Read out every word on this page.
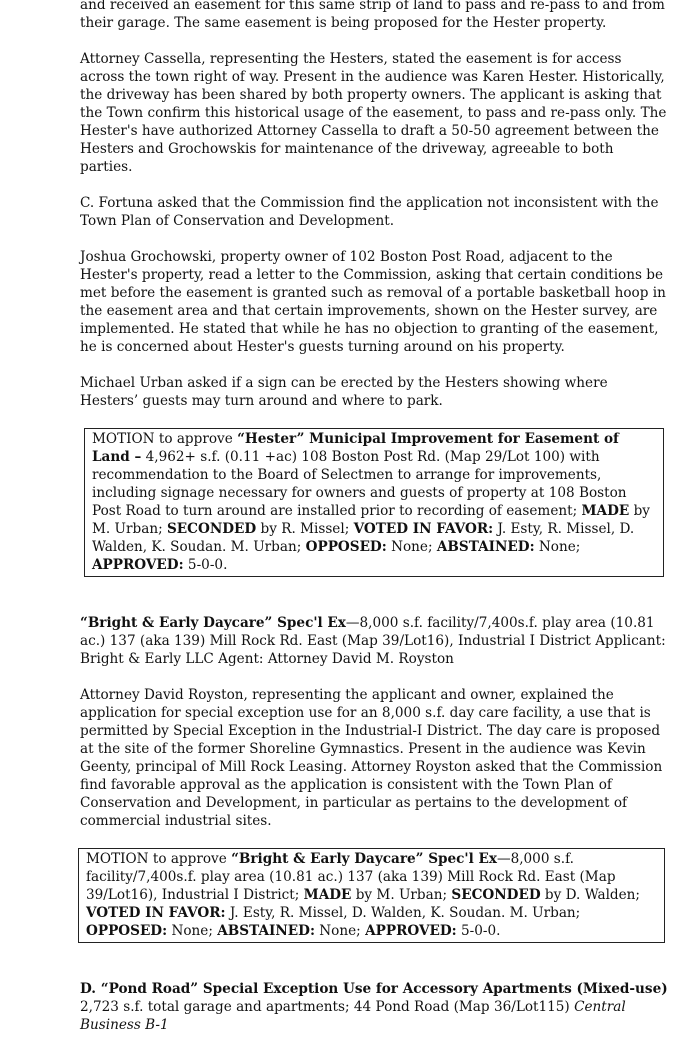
and received an easement for this same strip of land to pass and re-pass to and from their garage. The same easement is being proposed for the Hester property.

Attorney Cassella, representing the Hesters, stated the easement is for access across the town right of way. Present in the audience was Karen Hester. Historically, the driveway has been shared by both property owners. The applicant is asking that the Town confirm this historical usage of the easement, to pass and re-pass only. The Hester's have authorized Attorney Cassella to draft a 50-50 agreement between the Hesters and Grochowskis for maintenance of the driveway, agreeable to both parties.

C. Fortuna asked that the Commission find the application not inconsistent with the Town Plan of Conservation and Development.

Joshua Grochowski, property owner of 102 Boston Post Road, adjacent to the Hester's property, read a letter to the Commission, asking that certain conditions be met before the easement is granted such as removal of a portable basketball hoop in the easement area and that certain improvements, shown on the Hester survey, are implemented. He stated that while he has no objection to granting of the easement, he is concerned about Hester's guests turning around on his property.

Michael Urban asked if a sign can be erected by the Hesters showing where Hesters’ guests may turn around and where to park.

MOTION to approve “Hester” Municipal Improvement for Easement of Land – 4,962+ s.f. (0.11 +ac) 108 Boston Post Rd. (Map 29/Lot 100) with recommendation to the Board of Selectmen to arrange for improvements, including signage necessary for owners and guests of property at 108 Boston Post Road to turn around are installed prior to recording of easement; MADE by M. Urban; SECONDED by R. Missel; VOTED IN FAVOR: J. Esty, R. Missel, D. Walden, K. Soudan. M. Urban; OPPOSED: None; ABSTAINED: None; APPROVED: 5-0-0.

“Bright & Early Daycare” Spec'l Ex—8,000 s.f. facility/7,400s.f. play area (10.81 ac.) 137 (aka 139) Mill Rock Rd. East (Map 39/Lot16), Industrial I District Applicant: Bright & Early LLC Agent: Attorney David M. Royston

Attorney David Royston, representing the applicant and owner, explained the application for special exception use for an 8,000 s.f. day care facility, a use that is permitted by Special Exception in the Industrial-I District. The day care is proposed at the site of the former Shoreline Gymnastics. Present in the audience was Kevin Geenty, principal of Mill Rock Leasing. Attorney Royston asked that the Commission find favorable approval as the application is consistent with the Town Plan of Conservation and Development, in particular as pertains to the development of commercial industrial sites.

MOTION to approve “Bright & Early Daycare” Spec'l Ex—8,000 s.f. facility/7,400s.f. play area (10.81 ac.) 137 (aka 139) Mill Rock Rd. East (Map 39/Lot16), Industrial I District; MADE by M. Urban; SECONDED by D. Walden; VOTED IN FAVOR: J. Esty, R. Missel, D. Walden, K. Soudan. M. Urban; OPPOSED: None; ABSTAINED: None; APPROVED: 5-0-0.

D. “Pond Road” Special Exception Use for Accessory Apartments (Mixed-use)
2,723 s.f. total garage and apartments; 44 Pond Road (Map 36/Lot115) Central Business B-1
